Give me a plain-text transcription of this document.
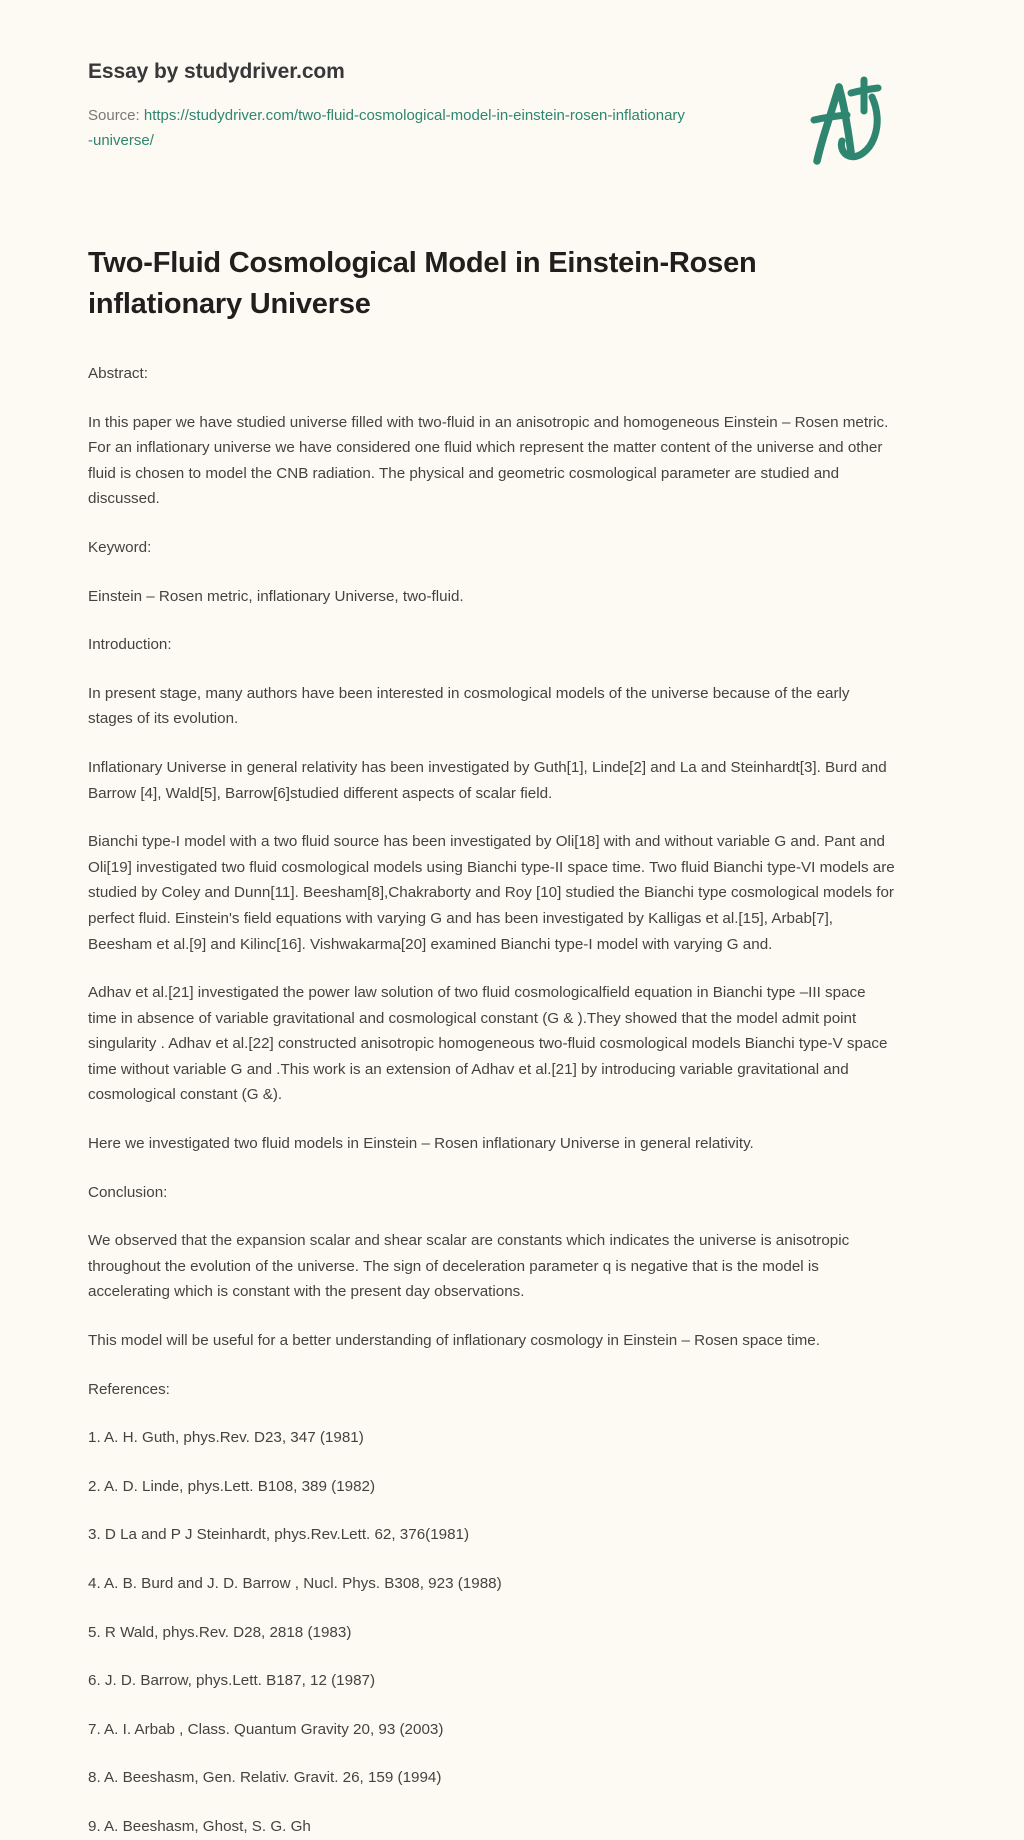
Essay by studydriver.com
Source: https://studydriver.com/two-fluid-cosmological-model-in-einstein-rosen-inflationary-universe/
Two-Fluid Cosmological Model in Einstein-Rosen inflationary Universe

Abstract:

In this paper we have studied universe filled with two-fluid in an anisotropic and homogeneous Einstein – Rosen metric. For an inflationary universe we have considered one fluid which represent the matter content of the universe and other fluid is chosen to model the CNB radiation. The physical and geometric cosmological parameter are studied and discussed.

Keyword:

Einstein – Rosen metric, inflationary Universe, two-fluid.

Introduction:

In present stage, many authors have been interested in cosmological models of the universe because of the early stages of its evolution.

Inflationary Universe in general relativity has been investigated by Guth[1], Linde[2] and La and Steinhardt[3]. Burd and Barrow [4], Wald[5], Barrow[6]studied different aspects of scalar field.

Bianchi type-I model with a two fluid source has been investigated by Oli[18] with and without variable G and. Pant and Oli[19] investigated two fluid cosmological models using Bianchi type-II space time. Two fluid Bianchi type-VI models are studied by Coley and Dunn[11]. Beesham[8],Chakraborty and Roy [10] studied the Bianchi type cosmological models for perfect fluid. Einstein's field equations with varying G and has been investigated by Kalligas et al.[15], Arbab[7], Beesham et al.[9] and Kilinc[16]. Vishwakarma[20] examined Bianchi type-I model with varying G and.

Adhav et al.[21] investigated the power law solution of two fluid cosmologicalfield equation in Bianchi type –III space time in absence of variable gravitational and cosmological constant (G & ).They showed that the model admit point singularity . Adhav et al.[22] constructed anisotropic homogeneous two-fluid cosmological models Bianchi type-V space time without variable G and .This work is an extension of Adhav et al.[21] by introducing variable gravitational and cosmological constant (G &).

Here we investigated two fluid models in Einstein – Rosen inflationary Universe in general relativity.

Conclusion:

We observed that the expansion scalar and shear scalar are constants which indicates the universe is anisotropic throughout the evolution of the universe. The sign of deceleration parameter q is negative that is the model is accelerating which is constant with the present day observations.

This model will be useful for a better understanding of inflationary cosmology in Einstein – Rosen space time.

References:

1. A. H. Guth, phys.Rev. D23, 347 (1981)

2. A. D. Linde, phys.Lett. B108, 389 (1982)

3. D La and P J Steinhardt, phys.Rev.Lett. 62, 376(1981)

4. A. B. Burd and J. D. Barrow , Nucl. Phys. B308, 923 (1988)

5. R Wald, phys.Rev. D28, 2818 (1983)

6. J. D. Barrow, phys.Lett. B187, 12 (1987)

7. A. I. Arbab , Class. Quantum Gravity 20, 93 (2003)

8. A. Beeshasm, Gen. Relativ. Gravit. 26, 159 (1994)

9. A. Beeshasm, Ghost, S. G. Gh
